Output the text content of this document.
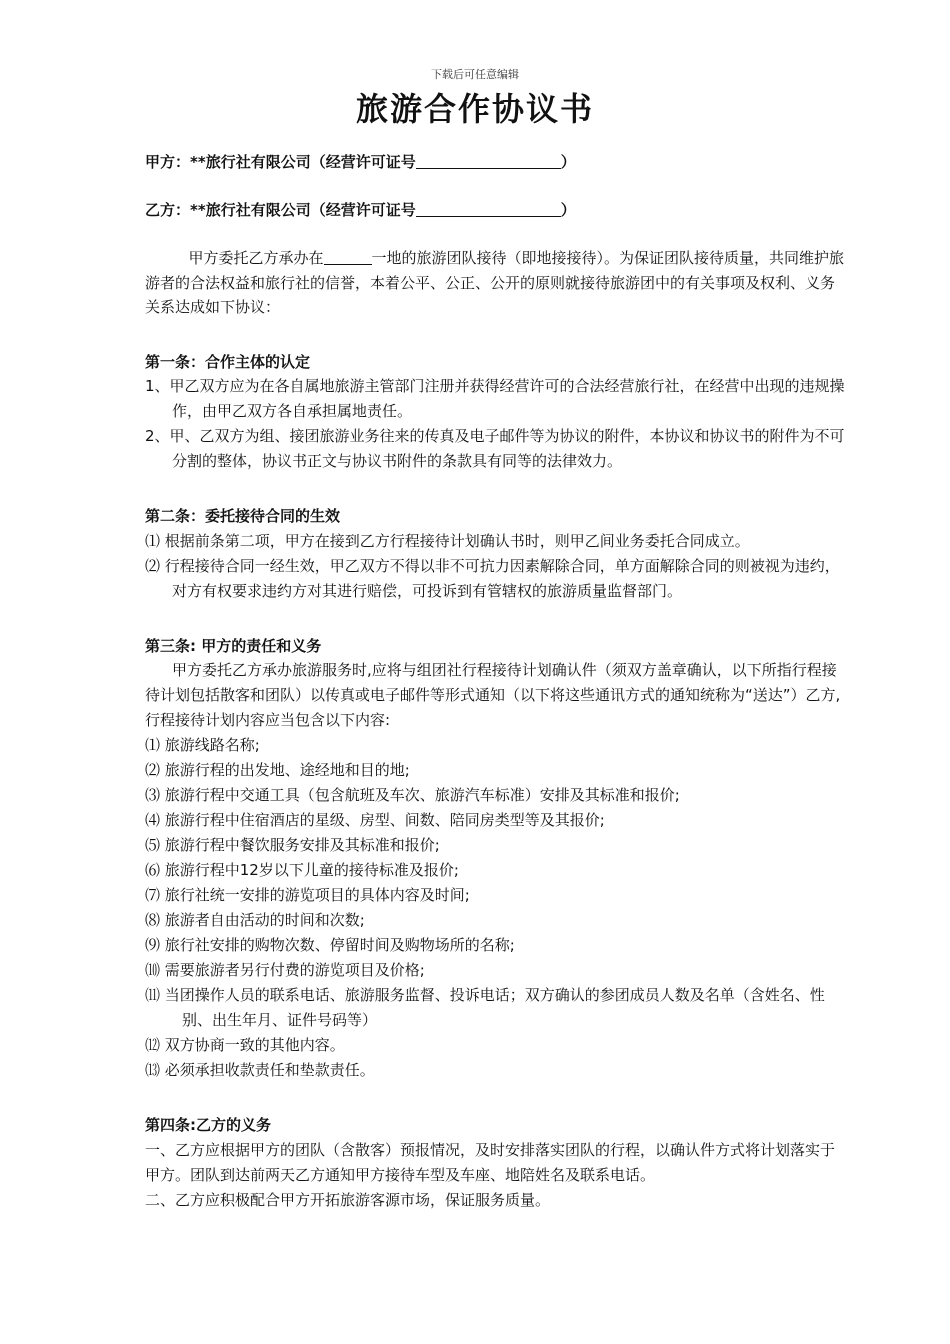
下载后可任意编辑
旅游合作协议书
甲方：**旅行社有限公司（经营许可证号	）
乙方：**旅行社有限公司（经营许可证号	）

甲方委托乙方承办在	一地的旅游团队接待（即地接接待）。为保证团队接待质量，共同维护旅游者的合法权益和旅行社的信誉，本着公平、公正、公开的原则就接待旅游团中的有关事项及权利、义务关系达成如下协议：

第一条：合作主体的认定

1、甲乙双方应为在各自属地旅游主管部门注册并获得经营许可的合法经营旅行社，在经营中出现的违规操作，由甲乙双方各自承担属地责任。

2、甲、乙双方为组、接团旅游业务往来的传真及电子邮件等为协议的附件，本协议和协议书的附件为不可分割的整体，协议书正文与协议书附件的条款具有同等的法律效力。

第二条：委托接待合同的生效

⑴ 根据前条第二项，甲方在接到乙方行程接待计划确认书时，则甲乙间业务委托合同成立。

⑵ 行程接待合同一经生效，甲乙双方不得以非不可抗力因素解除合同，单方面解除合同的则被视为违约，对方有权要求违约方对其进行赔偿，可投诉到有管辖权的旅游质量监督部门。

第三条: 甲方的责任和义务

甲方委托乙方承办旅游服务时,应将与组团社行程接待计划确认件（须双方盖章确认，以下所指行程接待计划包括散客和团队）以传真或电子邮件等形式通知（以下将这些通讯方式的通知统称为“送达”）乙方,行程接待计划内容应当包含以下内容:

⑴ 旅游线路名称;

⑵ 旅游行程的出发地、途经地和目的地;

⑶ 旅游行程中交通工具（包含航班及车次、旅游汽车标准）安排及其标准和报价;

⑷ 旅游行程中住宿酒店的星级、房型、间数、陪同房类型等及其报价;

⑸ 旅游行程中餐饮服务安排及其标准和报价;

⑹ 旅游行程中12岁以下儿童的接待标准及报价;

⑺ 旅行社统一安排的游览项目的具体内容及时间;

⑻ 旅游者自由活动的时间和次数;

⑼ 旅行社安排的购物次数、停留时间及购物场所的名称;

⑽ 需要旅游者另行付费的游览项目及价格;

⑾ 当团操作人员的联系电话、旅游服务监督、投诉电话；双方确认的参团成员人数及名单（含姓名、性别、出生年月、证件号码等）

⑿ 双方协商一致的其他内容。

⒀ 必须承担收款责任和垫款责任。

第四条:乙方的义务

一、乙方应根据甲方的团队（含散客）预报情况，及时安排落实团队的行程，以确认件方式将计划落实于甲方。团队到达前两天乙方通知甲方接待车型及车座、地陪姓名及联系电话。

二、乙方应积极配合甲方开拓旅游客源市场，保证服务质量。
